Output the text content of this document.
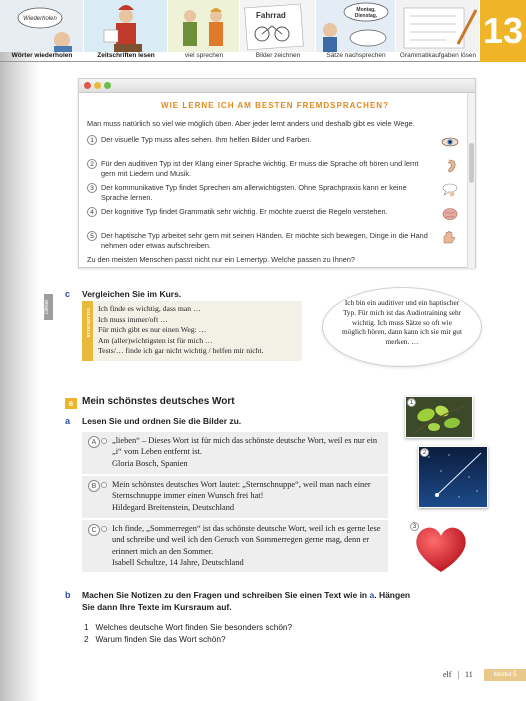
Wiederholen	Fahrrad
Montag,
Dienstag,
Wörter wiederholen	Zeitschriften lesen	viel sprechen	Bilder zeichnen	Sätze nachsprechen	Grammatikaufgaben lösen
13
WIE LERNE ICH AM BESTEN FREMDSPRACHEN?
Man muss natürlich so viel wie möglich üben. Aber jeder lernt anders und deshalb gibt es viele Wege.
1 Der visuelle Typ muss alles sehen. Ihm helfen Bilder und Farben.
2 Für den auditiven Typ ist der Klang einer Sprache wichtig. Er muss die Sprache oft hören und lernt gern mit Liedern und Musik.
3 Der kommunikative Typ findet Sprechen am allerwichtigsten. Ohne Sprachpraxis kann er keine Sprache lernen.
4 Der kognitive Typ findet Grammatik sehr wichtig. Er möchte zuerst die Regeln verstehen.
5 Der haptische Typ arbeitet sehr gern mit seinen Händen. Er möchte sich bewegen, Dinge in die Hand nehmen oder etwas aufschreiben.
Zu den meisten Menschen passt nicht nur ein Lernertyp. Welche passen zu Ihnen?
Diktat
c Vergleichen Sie im Kurs.
REDEMITTEL Ich finde es wichtig, dass man …
Ich muss immer/oft …
Für mich gibt es nur einen Weg: …
Am (aller)wichtigsten ist für mich …
Tests/… finde ich gar nicht wichtig / helfen mir nicht.
Ich bin ein auditiver und ein haptischer Typ. Für mich ist das Audiotraining sehr wichtig. Ich muss Sätze so oft wie möglich hören, dann kann ich sie mir gut merken. …
6 Mein schönstes deutsches Wort
a Lesen Sie und ordnen Sie die Bilder zu.
A	„lieben“ – Dieses Wort ist für mich das schönste deutsche Wort, weil es nur ein „i“ vom Leben entfernt ist.
Gloria Bosch, Spanien
B	Mein schönstes deutsches Wort lautet: „Sternschnuppe“, weil man nach einer Sternschnuppe immer einen Wunsch frei hat!
Hildegard Breitenstein, Deutschland
C	Ich finde, „Sommerregen“ ist das schönste deutsche Wort, weil ich es gerne lese und schreibe und weil ich den Geruch von Sommerregen gerne mag, denn er erinnert mich an den Sommer.
Isabell Schultze, 14 Jahre, Deutschland
1
2
3
b Machen Sie Notizen zu den Fragen und schreiben Sie einen Text wie in a. Hängen Sie dann Ihre Texte im Kursraum auf.
1   Welches deutsche Wort finden Sie besonders schön?
2   Warum finden Sie das Wort schön?
elf | 11	Modul 5
